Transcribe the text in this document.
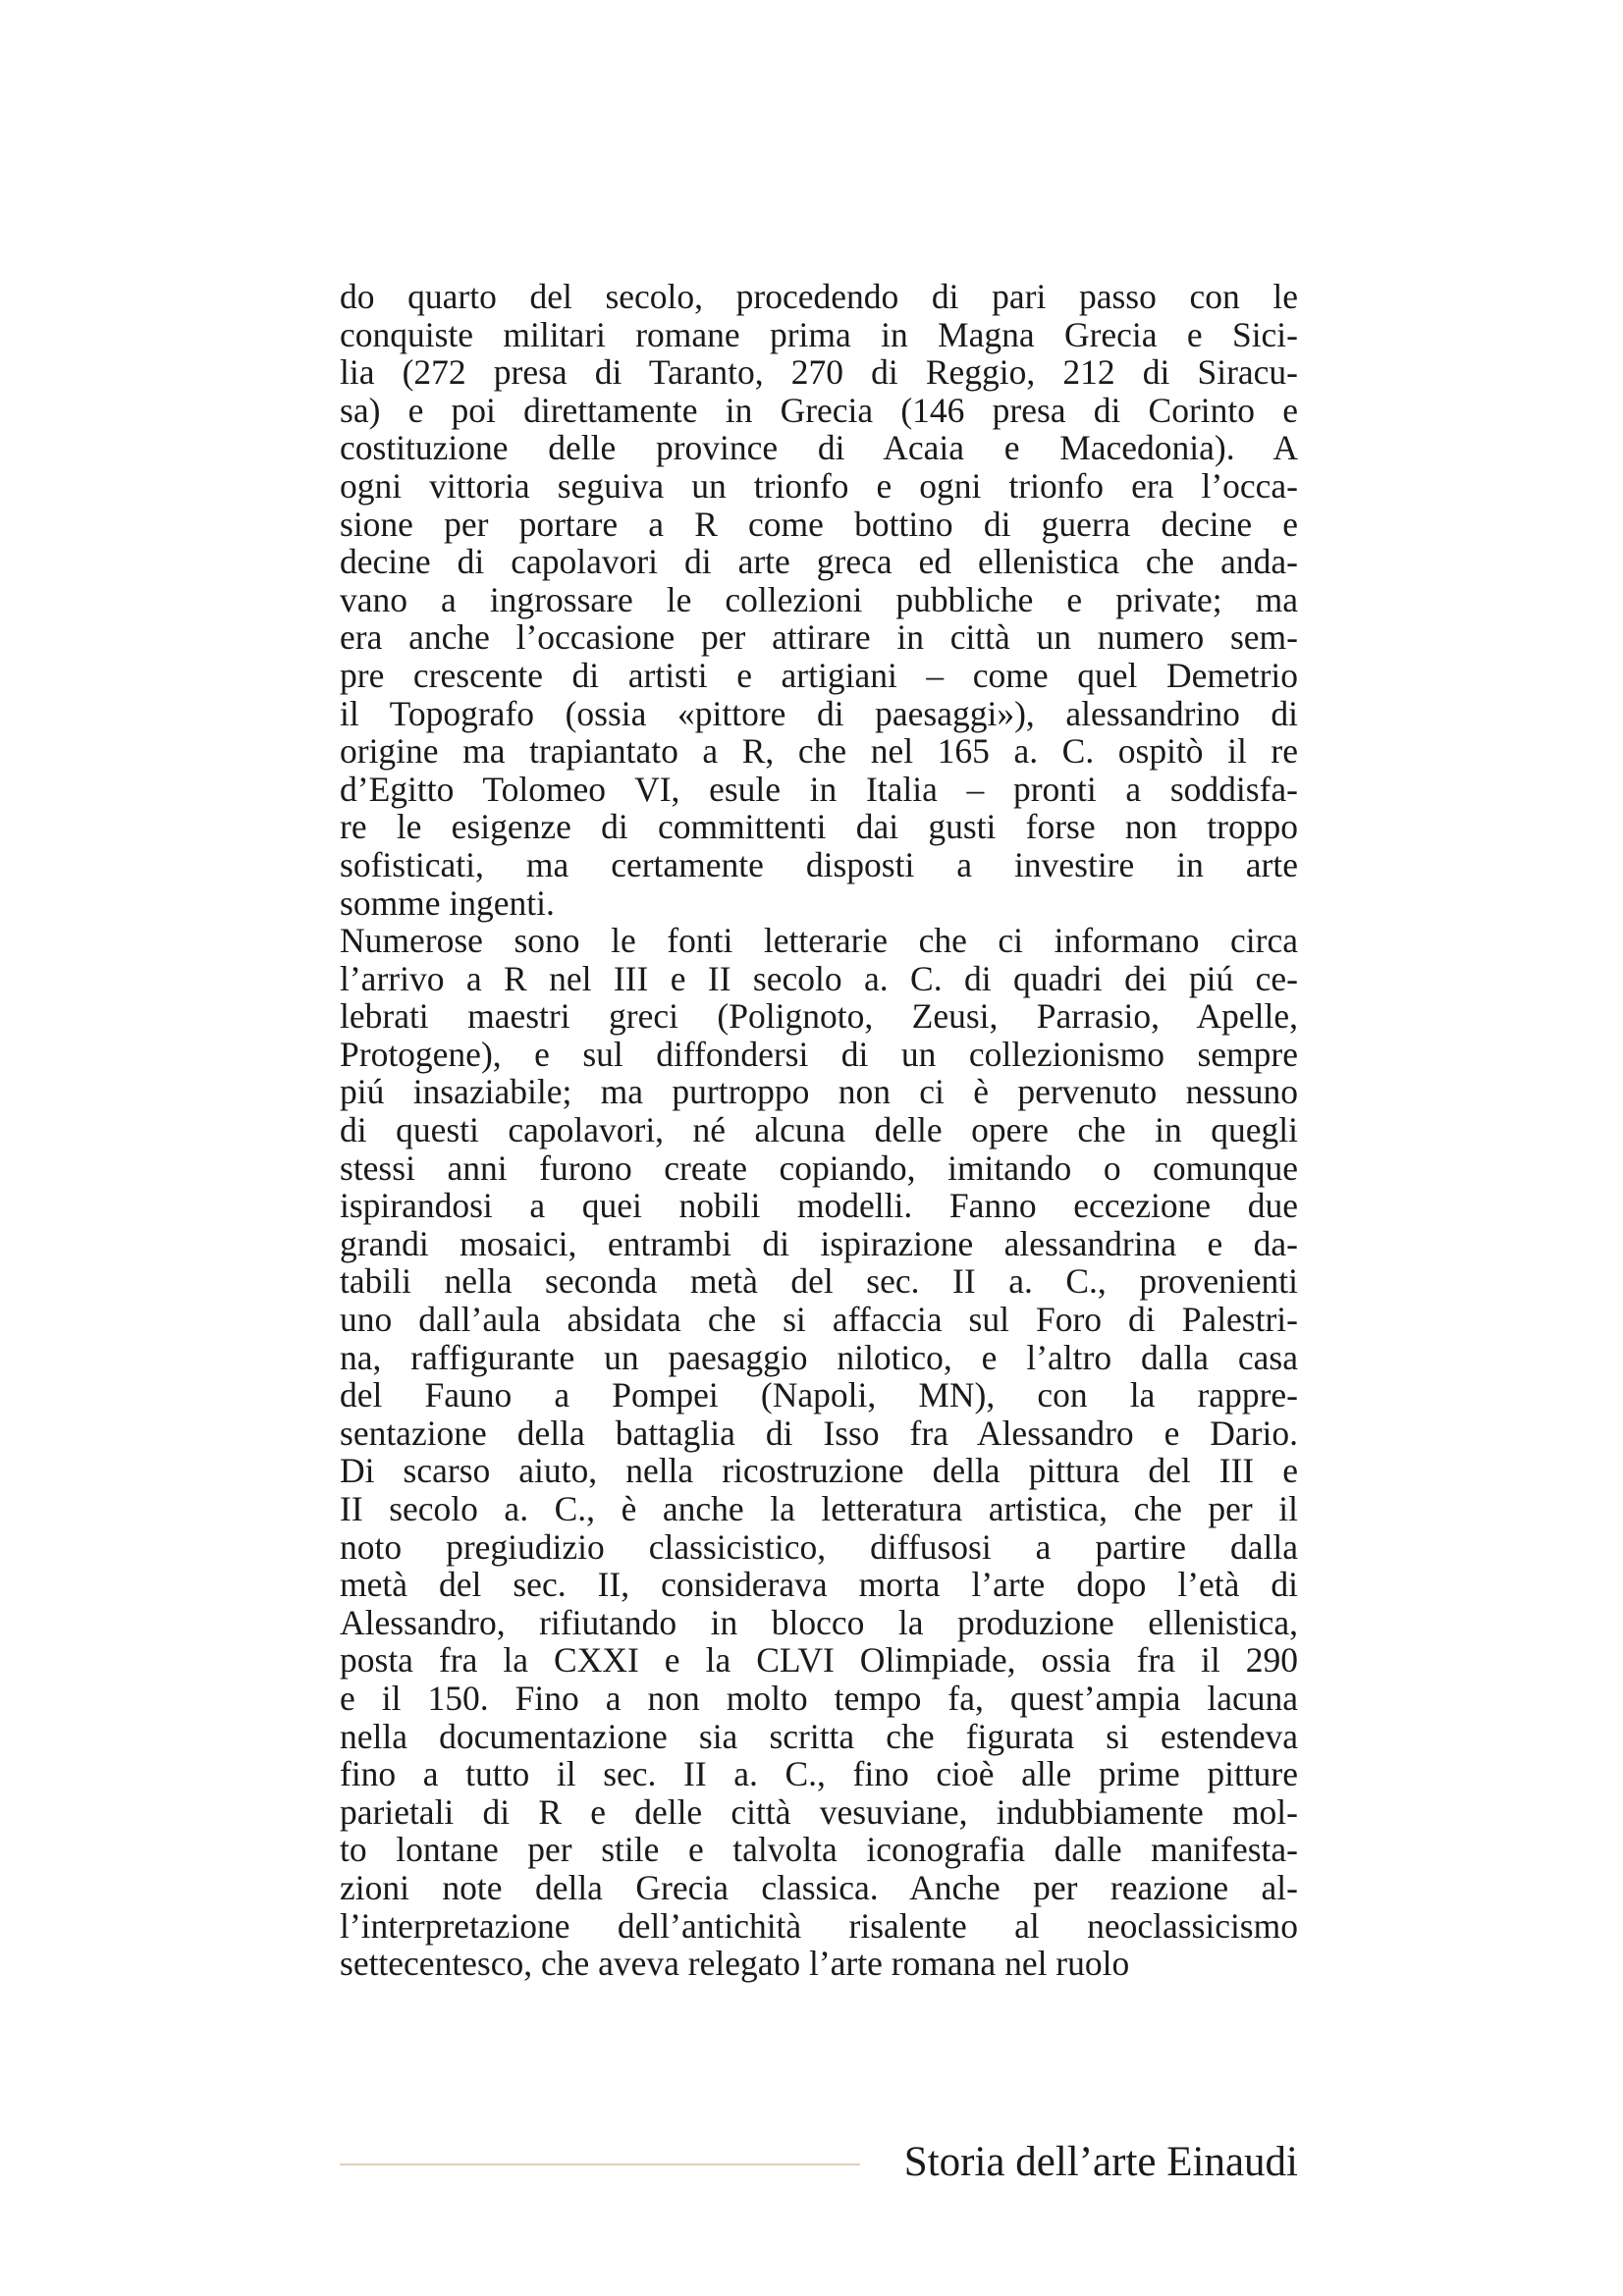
do quarto del secolo, procedendo di pari passo con le
conquiste militari romane prima in Magna Grecia e Sici-
lia (272 presa di Taranto, 270 di Reggio, 212 di Siracu-
sa) e poi direttamente in Grecia (146 presa di Corinto e
costituzione delle province di Acaia e Macedonia). A
ogni vittoria seguiva un trionfo e ogni trionfo era l’occa-
sione per portare a R come bottino di guerra decine e
decine di capolavori di arte greca ed ellenistica che anda-
vano a ingrossare le collezioni pubbliche e private; ma
era anche l’occasione per attirare in città un numero sem-
pre crescente di artisti e artigiani – come quel Demetrio
il Topografo (ossia «pittore di paesaggi»), alessandrino di
origine ma trapiantato a R, che nel 165 a. C. ospitò il re
d’Egitto Tolomeo VI, esule in Italia – pronti a soddisfa-
re le esigenze di committenti dai gusti forse non troppo
sofisticati, ma certamente disposti a investire in arte
somme ingenti.
Numerose sono le fonti letterarie che ci informano circa
l’arrivo a R nel III e II secolo a. C. di quadri dei piú ce-
lebrati maestri greci (Polignoto, Zeusi, Parrasio, Apelle,
Protogene), e sul diffondersi di un collezionismo sempre
piú insaziabile; ma purtroppo non ci è pervenuto nessuno
di questi capolavori, né alcuna delle opere che in quegli
stessi anni furono create copiando, imitando o comunque
ispirandosi a quei nobili modelli. Fanno eccezione due
grandi mosaici, entrambi di ispirazione alessandrina e da-
tabili nella seconda metà del sec. II a. C., provenienti
uno dall’aula absidata che si affaccia sul Foro di Palestri-
na, raffigurante un paesaggio nilotico, e l’altro dalla casa
del Fauno a Pompei (Napoli, MN), con la rappre-
sentazione della battaglia di Isso fra Alessandro e Dario.
Di scarso aiuto, nella ricostruzione della pittura del III e
II secolo a. C., è anche la letteratura artistica, che per il
noto pregiudizio classicistico, diffusosi a partire dalla
metà del sec. II, considerava morta l’arte dopo l’età di
Alessandro, rifiutando in blocco la produzione ellenistica,
posta fra la CXXI e la CLVI Olimpiade, ossia fra il 290
e il 150. Fino a non molto tempo fa, quest’ampia lacuna
nella documentazione sia scritta che figurata si estendeva
fino a tutto il sec. II a. C., fino cioè alle prime pitture
parietali di R e delle città vesuviane, indubbiamente mol-
to lontane per stile e talvolta iconografia dalle manifesta-
zioni note della Grecia classica. Anche per reazione al-
l’interpretazione dell’antichità risalente al neoclassicismo
settecentesco, che aveva relegato l’arte romana nel ruolo
Storia dell’arte Einaudi
